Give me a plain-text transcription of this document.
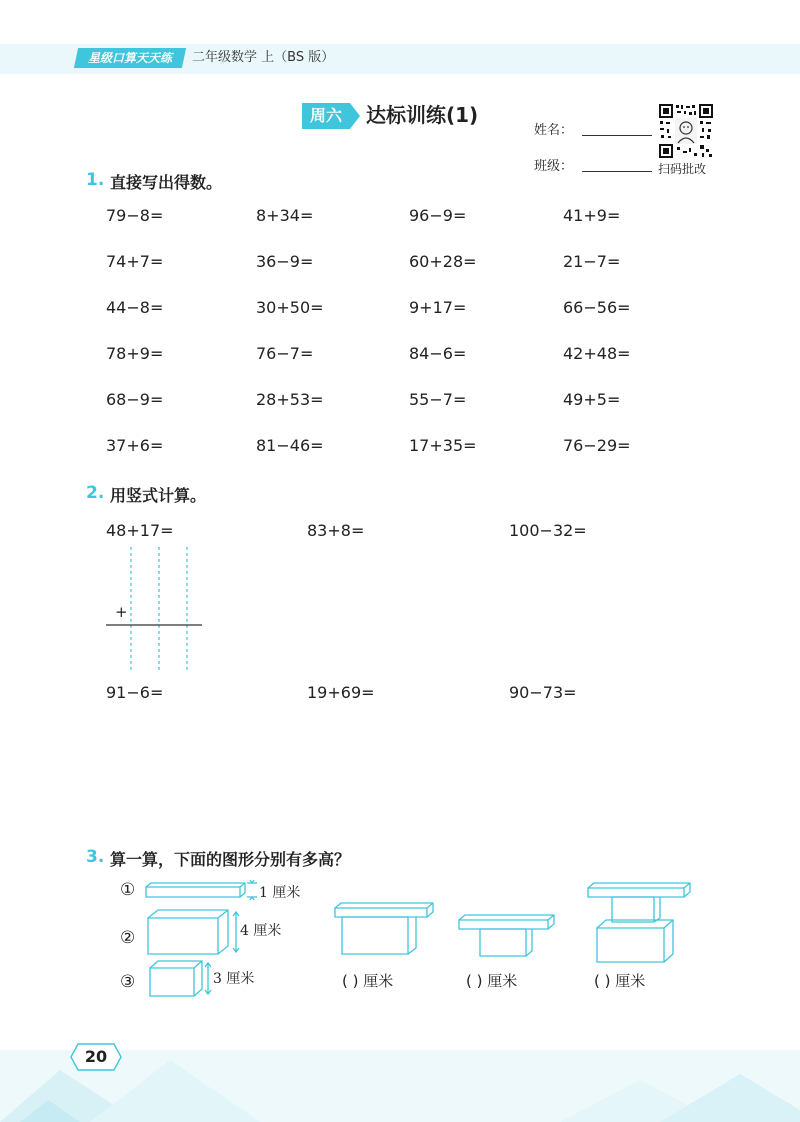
星级口算天天练	二年级数学 上（BS 版）
周六	达标训练(1)
姓名：
班级：	扫码批改
1. 直接写出得数。
79−8=	8+34=	96−9=	41+9=
74+7=	36−9=	60+28=	21−7=
44−8=	30+50=	9+17=	66−56=
78+9=	76−7=	84−6=	42+48=
68−9=	28+53=	55−7=	49+5=
37+6=	81−46=	17+35=	76−29=
2. 用竖式计算。
48+17=	83+8=	100−32=
91−6=	19+69=	90−73=
+
3. 算一算，下面的图形分别有多高？
①
②
③
1 厘米
4 厘米
3 厘米	( ) 厘米	( ) 厘米	( ) 厘米
20
